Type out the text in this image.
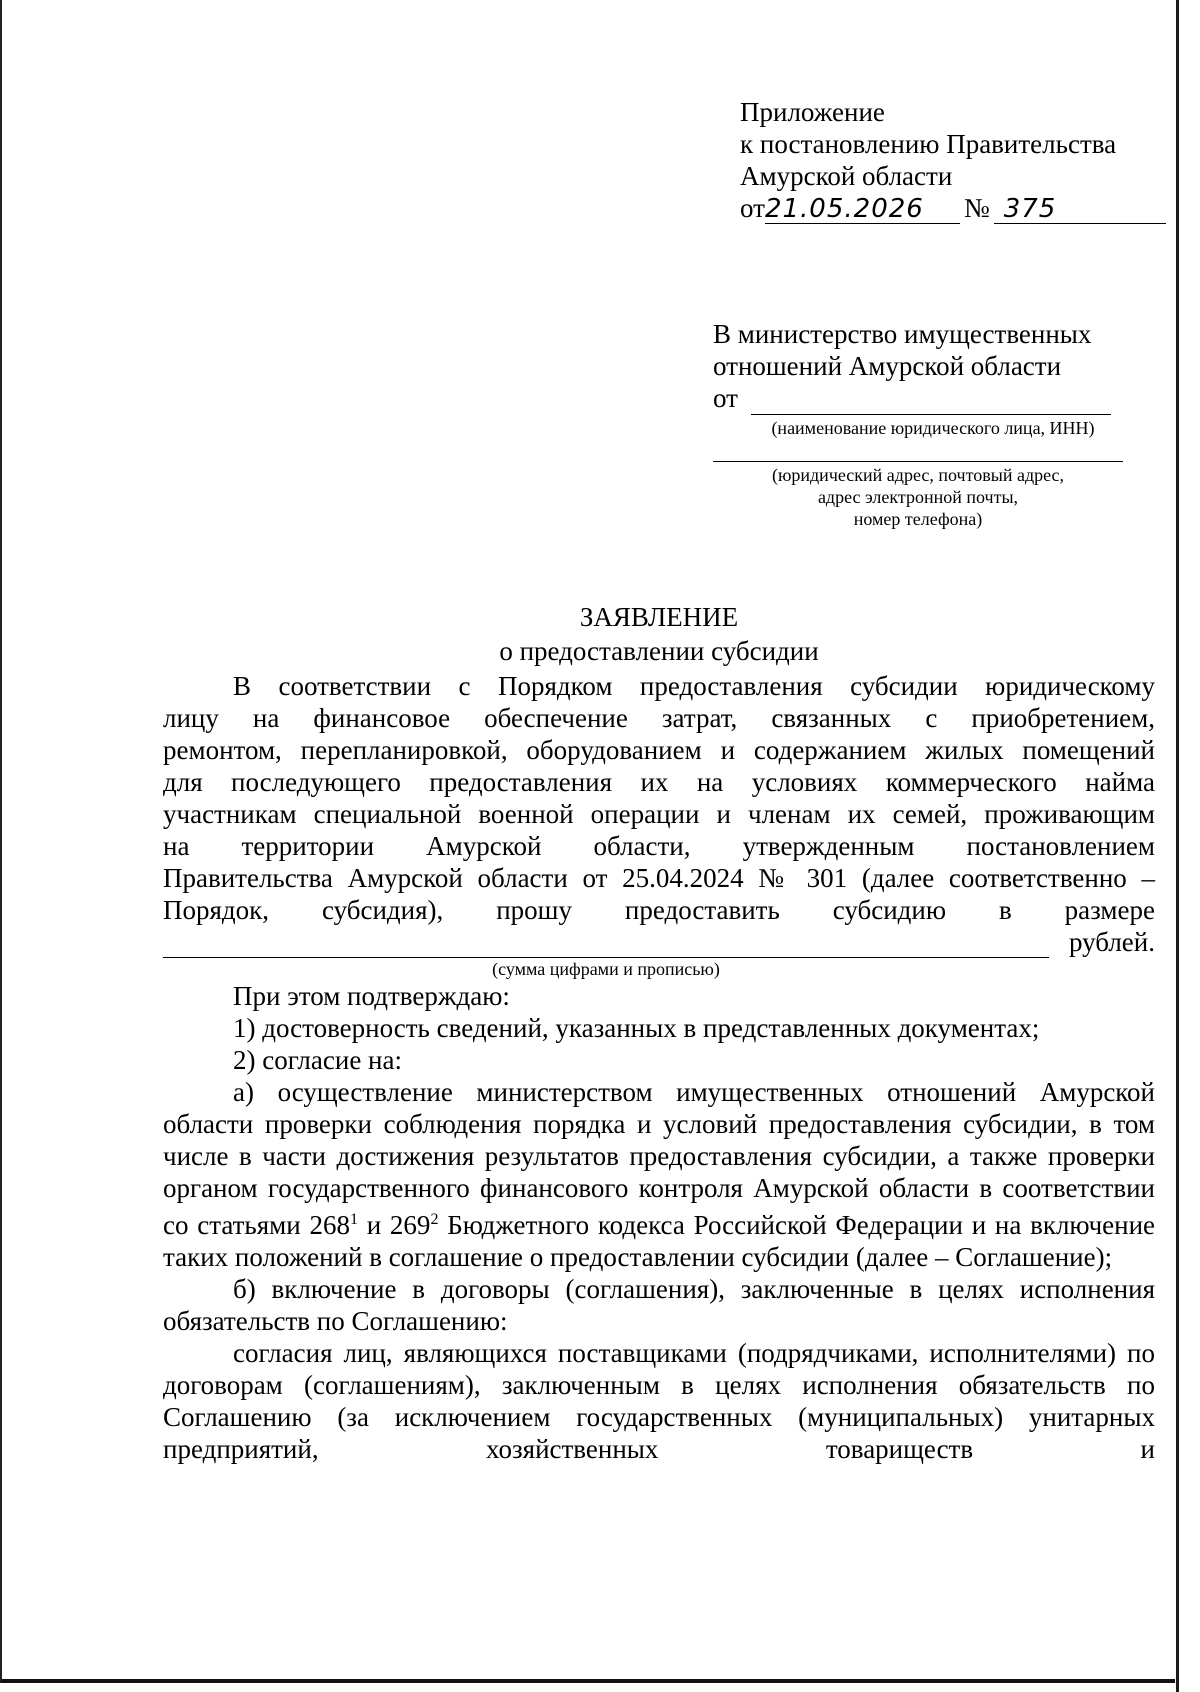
Приложение
к постановлению Правительства
Амурской области
от21.05.2026 № 375
В министерство имущественных
отношений Амурской области
от
(наименование юридического лица, ИНН)
(юридический адрес, почтовый адрес,
адрес электронной почты,
номер телефона)
ЗАЯВЛЕНИЕ
о предоставлении субсидии
В соответствии с Порядком предоставления субсидии юридическому
лицу на финансовое обеспечение затрат, связанных с приобретением,
ремонтом, перепланировкой, оборудованием и содержанием жилых помещений
для последующего предоставления их на условиях коммерческого найма
участникам специальной военной операции и членам их семей, проживающим
на территории Амурской области, утвержденным постановлением
Правительства Амурской области от 25.04.2024 № 301 (далее соответственно –
Порядок, субсидия), прошу предоставить субсидию в размере
рублей.
(сумма цифрами и прописью)
При этом подтверждаю:
1) достоверность сведений, указанных в представленных документах;
2) согласие на:
а) осуществление министерством имущественных отношений Амурской области проверки соблюдения порядка и условий предоставления субсидии, в том числе в части достижения результатов предоставления субсидии, а также проверки органом государственного финансового контроля Амурской области в соответствии со статьями $268^1$ и $269^2$ Бюджетного кодекса Российской Федерации и на включение таких положений в соглашение о предоставлении субсидии (далее – Соглашение);
б) включение в договоры (соглашения), заключенные в целях исполнения обязательств по Соглашению:
согласия лиц, являющихся поставщиками (подрядчиками, исполнителями) по договорам (соглашениям), заключенным в целях исполнения обязательств по Соглашению (за исключением государственных (муниципальных) унитарных предприятий, хозяйственных товариществ и
